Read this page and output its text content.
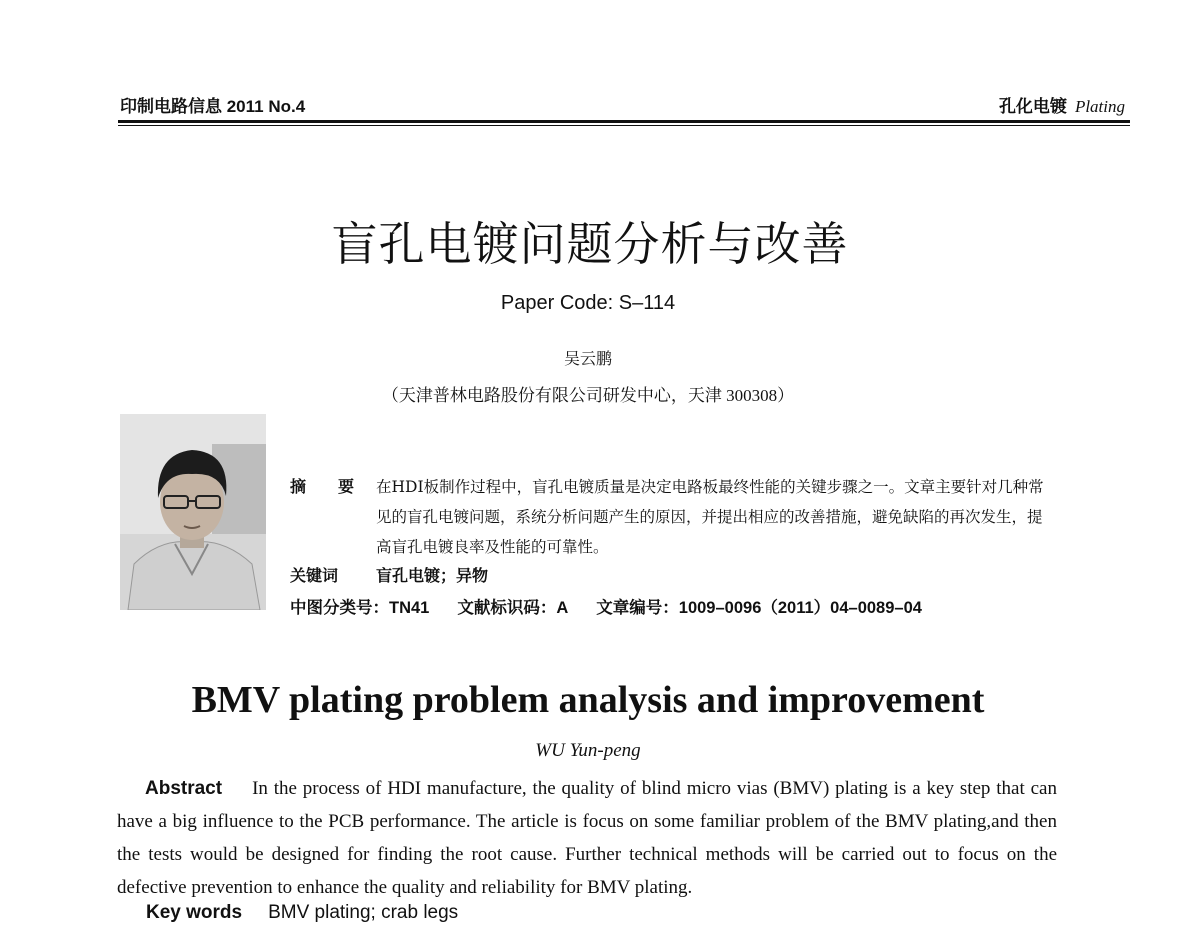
印制电路信息 2011 No.4	孔化电镀 Plating
盲孔电镀问题分析与改善
Paper Code: S–114
吴云鹏
（天津普林电路股份有限公司研发中心，天津 300308）
摘 要 在HDI板制作过程中，盲孔电镀质量是决定电路板最终性能的关键步骤之一。文章主要针对几种常见的盲孔电镀问题，系统分析问题产生的原因，并提出相应的改善措施，避免缺陷的再次发生，提高盲孔电镀良率及性能的可靠性。
关键词 盲孔电镀；异物
中图分类号：TN41 文献标识码：A 文章编号：1009–0096（2011）04–0089–04
BMV plating problem analysis and improvement
WU Yun-peng
Abstract In the process of HDI manufacture, the quality of blind micro vias (BMV) plating is a key step that can have a big influence to the PCB performance. The article is focus on some familiar problem of the BMV plating,and then the tests would be designed for finding the root cause. Further technical methods will be carried out to focus on the defective prevention to enhance the quality and reliability for BMV plating.
Key words BMV plating; crab legs
